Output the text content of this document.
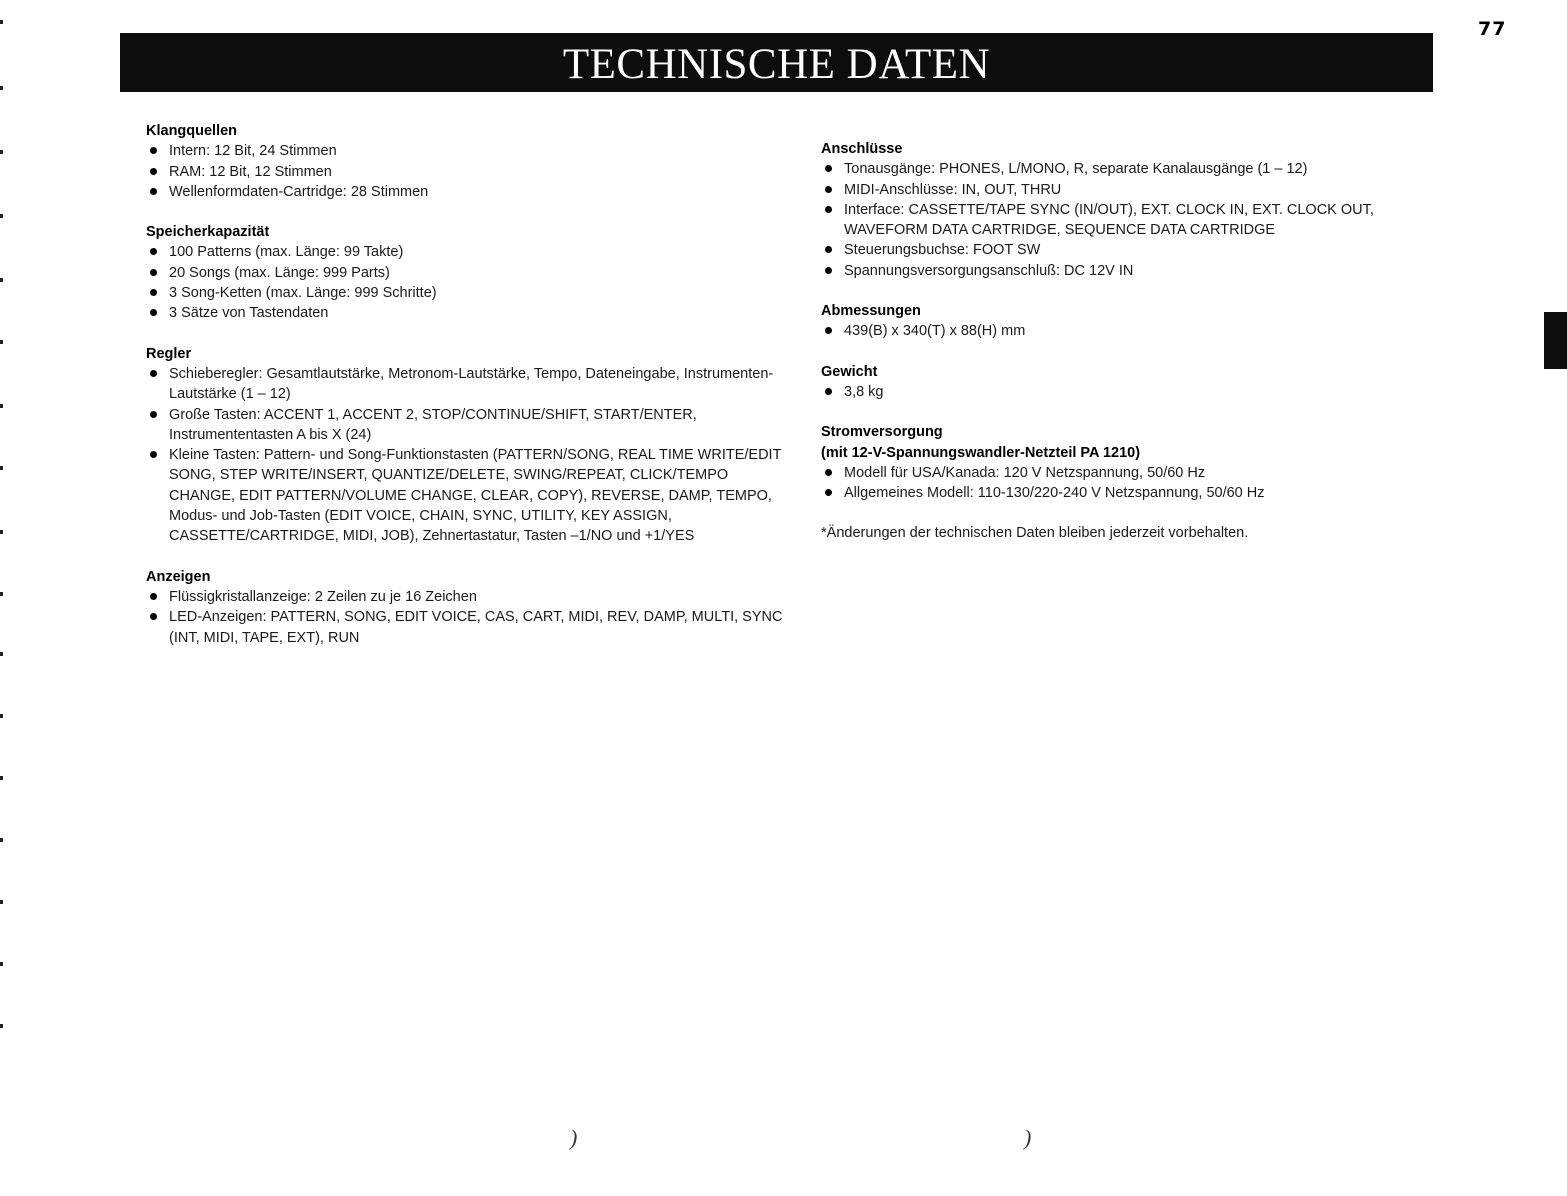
77
TECHNISCHE DATEN

Klangquellen

Intern: 12 Bit, 24 Stimmen
RAM: 12 Bit, 12 Stimmen
Wellenformdaten-Cartridge: 28 Stimmen

Speicherkapazität

100 Patterns (max. Länge: 99 Takte)
20 Songs (max. Länge: 999 Parts)
3 Song-Ketten (max. Länge: 999 Schritte)
3 Sätze von Tastendaten

Regler

Schieberegler: Gesamtlautstärke, Metronom-Lautstärke, Tempo, Dateneingabe, Instrumenten-Lautstärke (1 – 12)
Große Tasten: ACCENT 1, ACCENT 2, STOP/CONTINUE/SHIFT, START/ENTER, Instrumententasten A bis X (24)
Kleine Tasten: Pattern- und Song-Funktionstasten (PATTERN/SONG, REAL TIME WRITE/EDIT SONG, STEP WRITE/INSERT, QUANTIZE/DELETE, SWING/REPEAT, CLICK/TEMPO CHANGE, EDIT PATTERN/VOLUME CHANGE, CLEAR, COPY), REVERSE, DAMP, TEMPO, Modus- und Job-Tasten (EDIT VOICE, CHAIN, SYNC, UTILITY, KEY ASSIGN, CASSETTE/CARTRIDGE, MIDI, JOB), Zehnertastatur, Tasten –1/NO und +1/YES

Anzeigen

Flüssigkristallanzeige: 2 Zeilen zu je 16 Zeichen
LED-Anzeigen: PATTERN, SONG, EDIT VOICE, CAS, CART, MIDI, REV, DAMP, MULTI, SYNC (INT, MIDI, TAPE, EXT), RUN

Anschlüsse

Tonausgänge: PHONES, L/MONO, R, separate Kanalausgänge (1 – 12)
MIDI-Anschlüsse: IN, OUT, THRU
Interface: CASSETTE/TAPE SYNC (IN/OUT), EXT. CLOCK IN, EXT. CLOCK OUT, WAVEFORM DATA CARTRIDGE, SEQUENCE DATA CARTRIDGE
Steuerungsbuchse: FOOT SW
Spannungsversorgungsanschluß: DC 12V IN

Abmessungen

439(B) x 340(T) x 88(H) mm

Gewicht

3,8 kg

Stromversorgung

(mit 12-V-Spannungswandler-Netzteil PA 1210)

Modell für USA/Kanada: 120 V Netzspannung, 50/60 Hz
Allgemeines Modell: 110-130/220-240 V Netzspannung, 50/60 Hz

*Änderungen der technischen Daten bleiben jederzeit vorbehalten.

)	)
